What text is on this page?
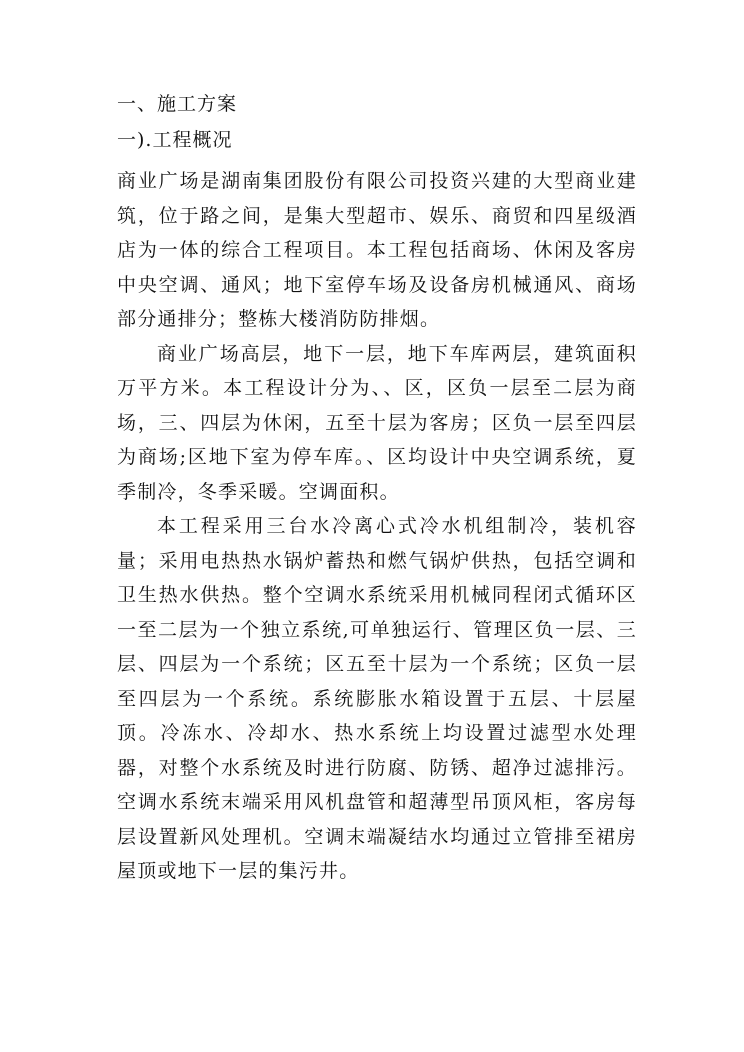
一、施工方案

一).工程概况

商业广场是湖南集团股份有限公司投资兴建的大型商业建筑，位于路之间，是集大型超市、娱乐、商贸和四星级酒店为一体的综合工程项目。本工程包括商场、休闲及客房中央空调、通风；地下室停车场及设备房机械通风、商场部分通排分；整栋大楼消防防排烟。

商业广场高层，地下一层，地下车库两层，建筑面积万平方米。本工程设计分为、、区，区负一层至二层为商场，三、四层为休闲，五至十层为客房；区负一层至四层为商场;区地下室为停车库。、区均设计中央空调系统，夏季制冷，冬季采暖。空调面积。

本工程采用三台水冷离心式冷水机组制冷，装机容量；采用电热热水锅炉蓄热和燃气锅炉供热，包括空调和卫生热水供热。整个空调水系统采用机械同程闭式循环区一至二层为一个独立系统,可单独运行、管理区负一层、三层、四层为一个系统；区五至十层为一个系统；区负一层至四层为一个系统。系统膨胀水箱设置于五层、十层屋顶。冷冻水、冷却水、热水系统上均设置过滤型水处理器，对整个水系统及时进行防腐、防锈、超净过滤排污。空调水系统末端采用风机盘管和超薄型吊顶风柜，客房每层设置新风处理机。空调末端凝结水均通过立管排至裙房屋顶或地下一层的集污井。
